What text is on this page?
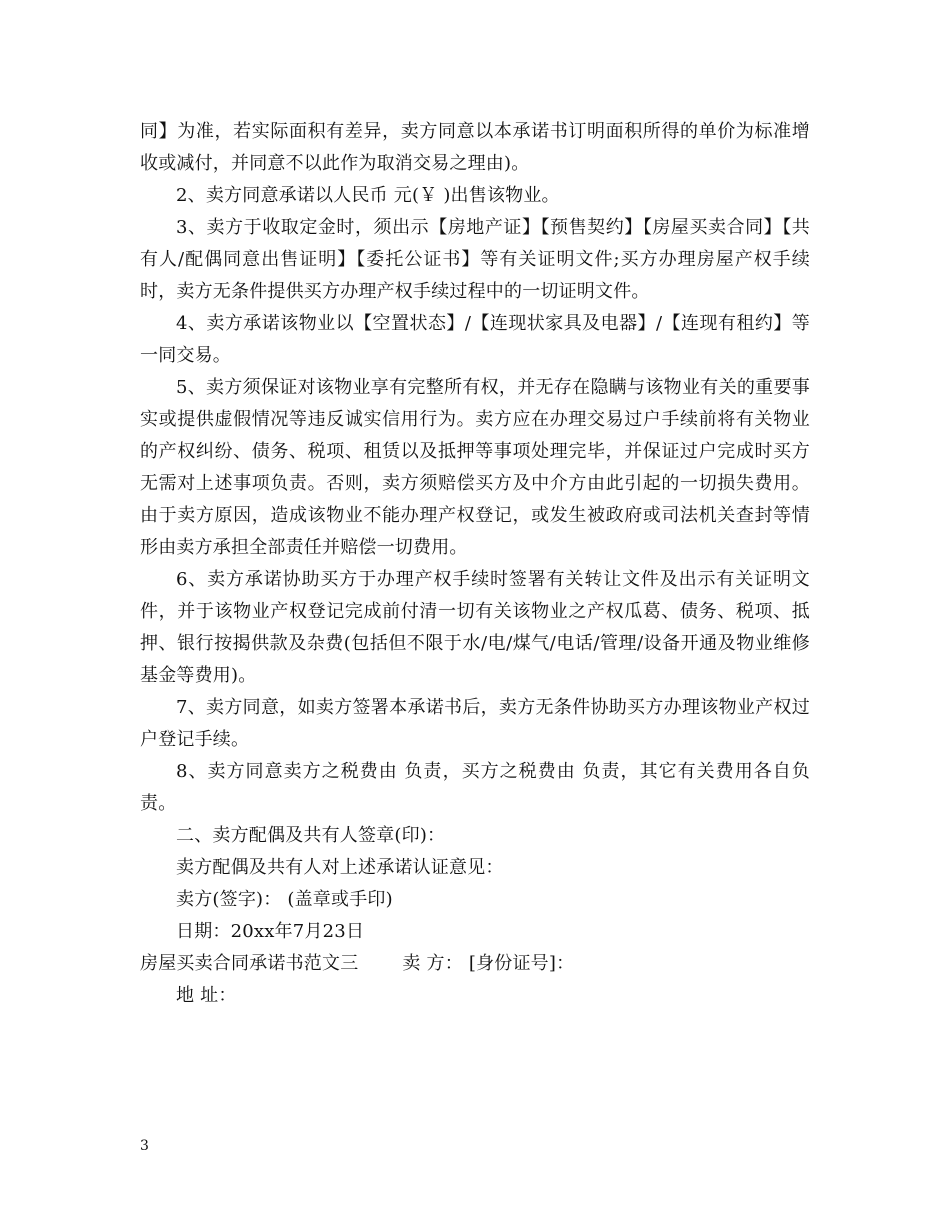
同】为准，若实际面积有差异，卖方同意以本承诺书订明面积所得的单价为标准增收或减付，并同意不以此作为取消交易之理由)。

2、卖方同意承诺以人民币 元(￥ )出售该物业。

3、卖方于收取定金时，须出示【房地产证】【预售契约】【房屋买卖合同】【共有人/配偶同意出售证明】【委托公证书】等有关证明文件;买方办理房屋产权手续时，卖方无条件提供买方办理产权手续过程中的一切证明文件。

4、卖方承诺该物业以【空置状态】/【连现状家具及电器】/【连现有租约】等一同交易。

5、卖方须保证对该物业享有完整所有权，并无存在隐瞒与该物业有关的重要事实或提供虚假情况等违反诚实信用行为。卖方应在办理交易过户手续前将有关物业的产权纠纷、债务、税项、租赁以及抵押等事项处理完毕，并保证过户完成时买方无需对上述事项负责。否则，卖方须赔偿买方及中介方由此引起的一切损失费用。由于卖方原因，造成该物业不能办理产权登记，或发生被政府或司法机关查封等情形由卖方承担全部责任并赔偿一切费用。

6、卖方承诺协助买方于办理产权手续时签署有关转让文件及出示有关证明文件，并于该物业产权登记完成前付清一切有关该物业之产权瓜葛、债务、税项、抵押、银行按揭供款及杂费(包括但不限于水/电/煤气/电话/管理/设备开通及物业维修基金等费用)。

7、卖方同意，如卖方签署本承诺书后，卖方无条件协助买方办理该物业产权过户登记手续。

8、卖方同意卖方之税费由 负责，买方之税费由 负责，其它有关费用各自负责。

二、卖方配偶及共有人签章(印)：

卖方配偶及共有人对上述承诺认证意见：

卖方(签字)： (盖章或手印)

日期：20xx年7月23日

房屋买卖合同承诺书范文三 卖 方： [身份证号]：

地 址：

3
